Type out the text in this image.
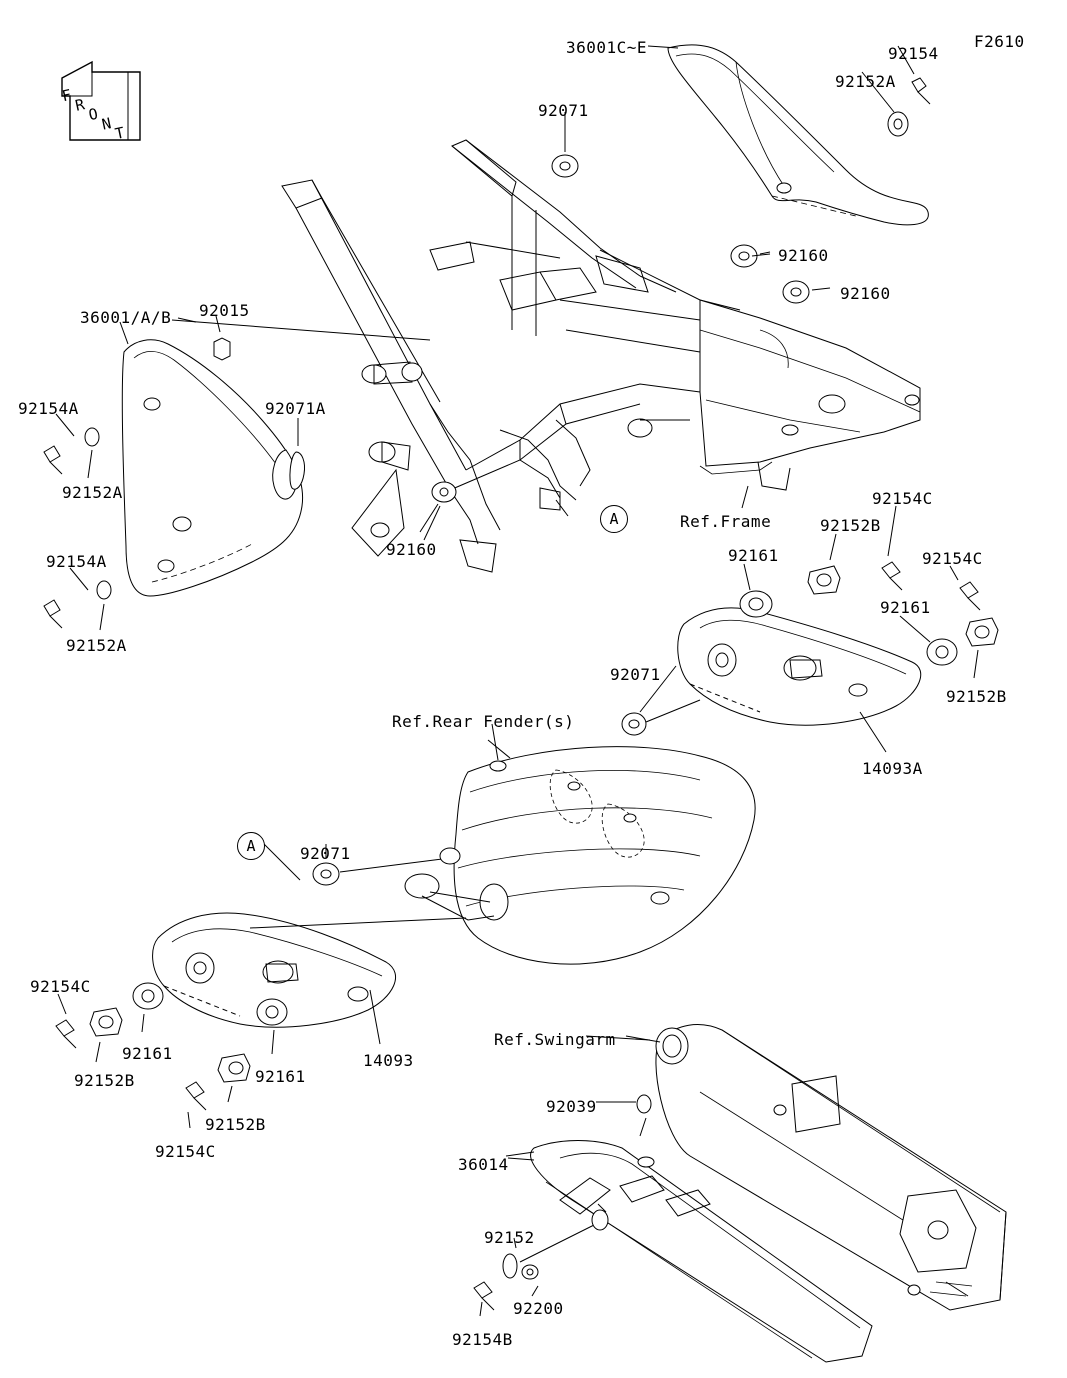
F2610
36001C~E	92154
92152A
92071
92160
92160
36001/A/B 92015
92154A	92071A
92152A
92160
92154A
92152A
Ref.Frame
92154C
92152B
92161	92154C
92161
92152B
14093A
92071
Ref.Rear Fender(s)
92071
92154C
92161
92152B	92161
92152B
92154C
14093
Ref.Swingarm
92039
36014
92152
92200
92154B
A
A
F R O N T
